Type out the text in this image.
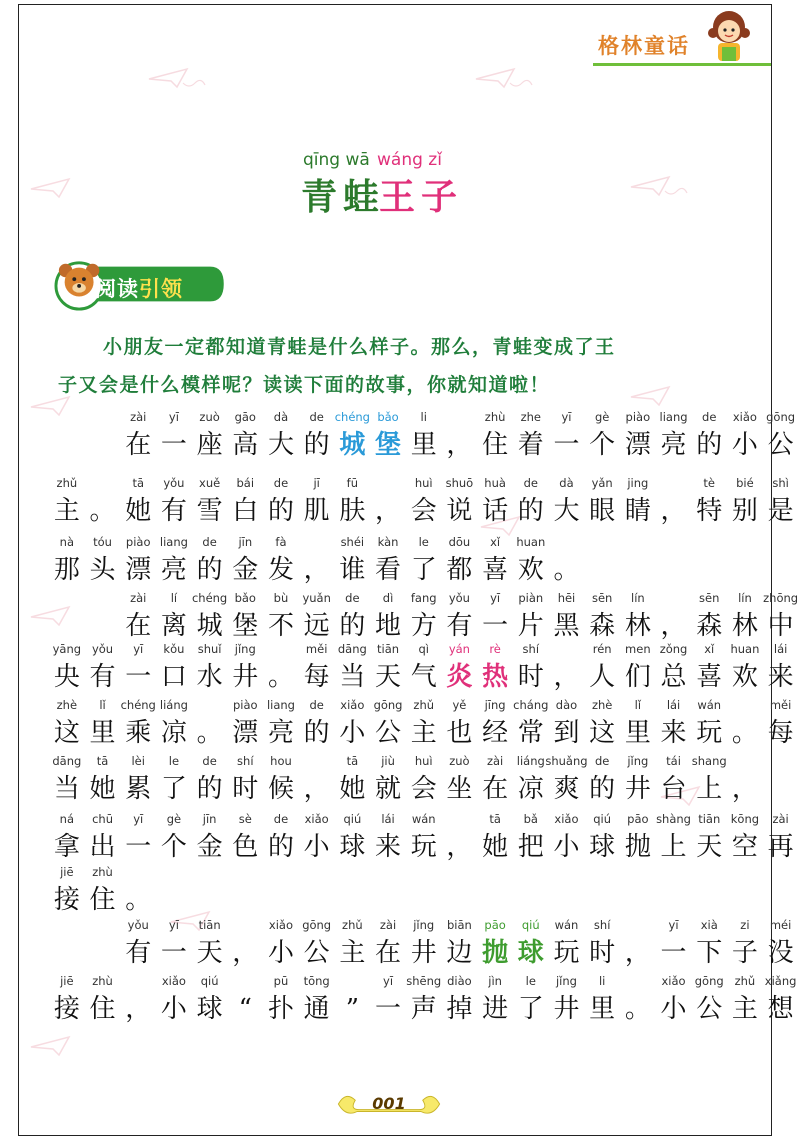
格林童话
qīng wā wáng zǐ
青蛙
王子
阅读引领
小朋友一定都知道青蛙是什么样子。那么，青蛙变成了王
子又会是什么模样呢？读读下面的故事，你就知道啦！
zài
在
yī
一
zuò
座
gāo
高
dà
大
de
的
chéng
城
bǎo
堡
li
里 ，
zhù
住
zhe
着
yī
一
gè
个
piào
漂
liang
亮
de
的
xiǎo
小
gōng
公
zhǔ
主 。
tā
她
yǒu
有
xuě
雪
bái
白
de
的
jī
肌
fū
肤 ，
huì
会
shuō
说
huà
话
de
的
dà
大
yǎn
眼
jing
睛 ，
tè
特
bié
别
shì
是
nà
那
tóu
头
piào
漂
liang
亮
de
的
jīn
金
fà
发 ，
shéi
谁
kàn
看
le
了
dōu
都
xǐ
喜
huan
欢 。
zài
在
lí
离
chéng
城
bǎo
堡
bù
不
yuǎn
远
de
的
dì
地
fang
方
yǒu
有
yī
一
piàn
片
hēi
黑
sēn
森
lín
林 ，
sēn
森
lín
林
zhōng
中
yāng
央
yǒu
有
yī
一
kǒu
口
shuǐ
水
jǐng
井 。
měi
每
dāng
当
tiān
天
qì
气
yán
炎
rè
热
shí
时 ，
rén
人
men
们
zǒng
总
xǐ
喜
huan
欢
lái
来
zhè
这
lǐ
里
chéng
乘
liáng
凉 。
piào
漂
liang
亮
de
的
xiǎo
小
gōng
公
zhǔ
主
yě
也
jīng
经
cháng
常
dào
到
zhè
这
lǐ
里
lái
来
wán
玩 。
měi
每
dāng
当
tā
她
lèi
累
le
了
de
的
shí
时
hou
候 ，
tā
她
jiù
就
huì
会
zuò
坐
zài
在
liáng
凉
shuǎng
爽
de
的
jǐng
井
tái
台
shang
上 ，
ná
拿
chū
出
yī
一
gè
个
jīn
金
sè
色
de
的
xiǎo
小
qiú
球
lái
来
wán
玩 ，
tā
她
bǎ
把
xiǎo
小
qiú
球
pāo
抛
shàng
上
tiān
天
kōng
空
zài
再
jiē
接
zhù
住 。
yǒu
有
yī
一
tiān
天 ，
xiǎo
小
gōng
公
zhǔ
主
zài
在
jǐng
井
biān
边
pāo
抛
qiú
球
wán
玩
shí
时 ，
yī
一
xià
下
zi
子
méi
没
jiē
接
zhù
住 ，
xiǎo
小
qiú
球 “
pū
扑
tōng
通 ”
yī
一
shēng
声
diào
掉
jìn
进
le
了
jǐng
井
li
里 。
xiǎo
小
gōng
公
zhǔ
主
xiǎng
想
001
